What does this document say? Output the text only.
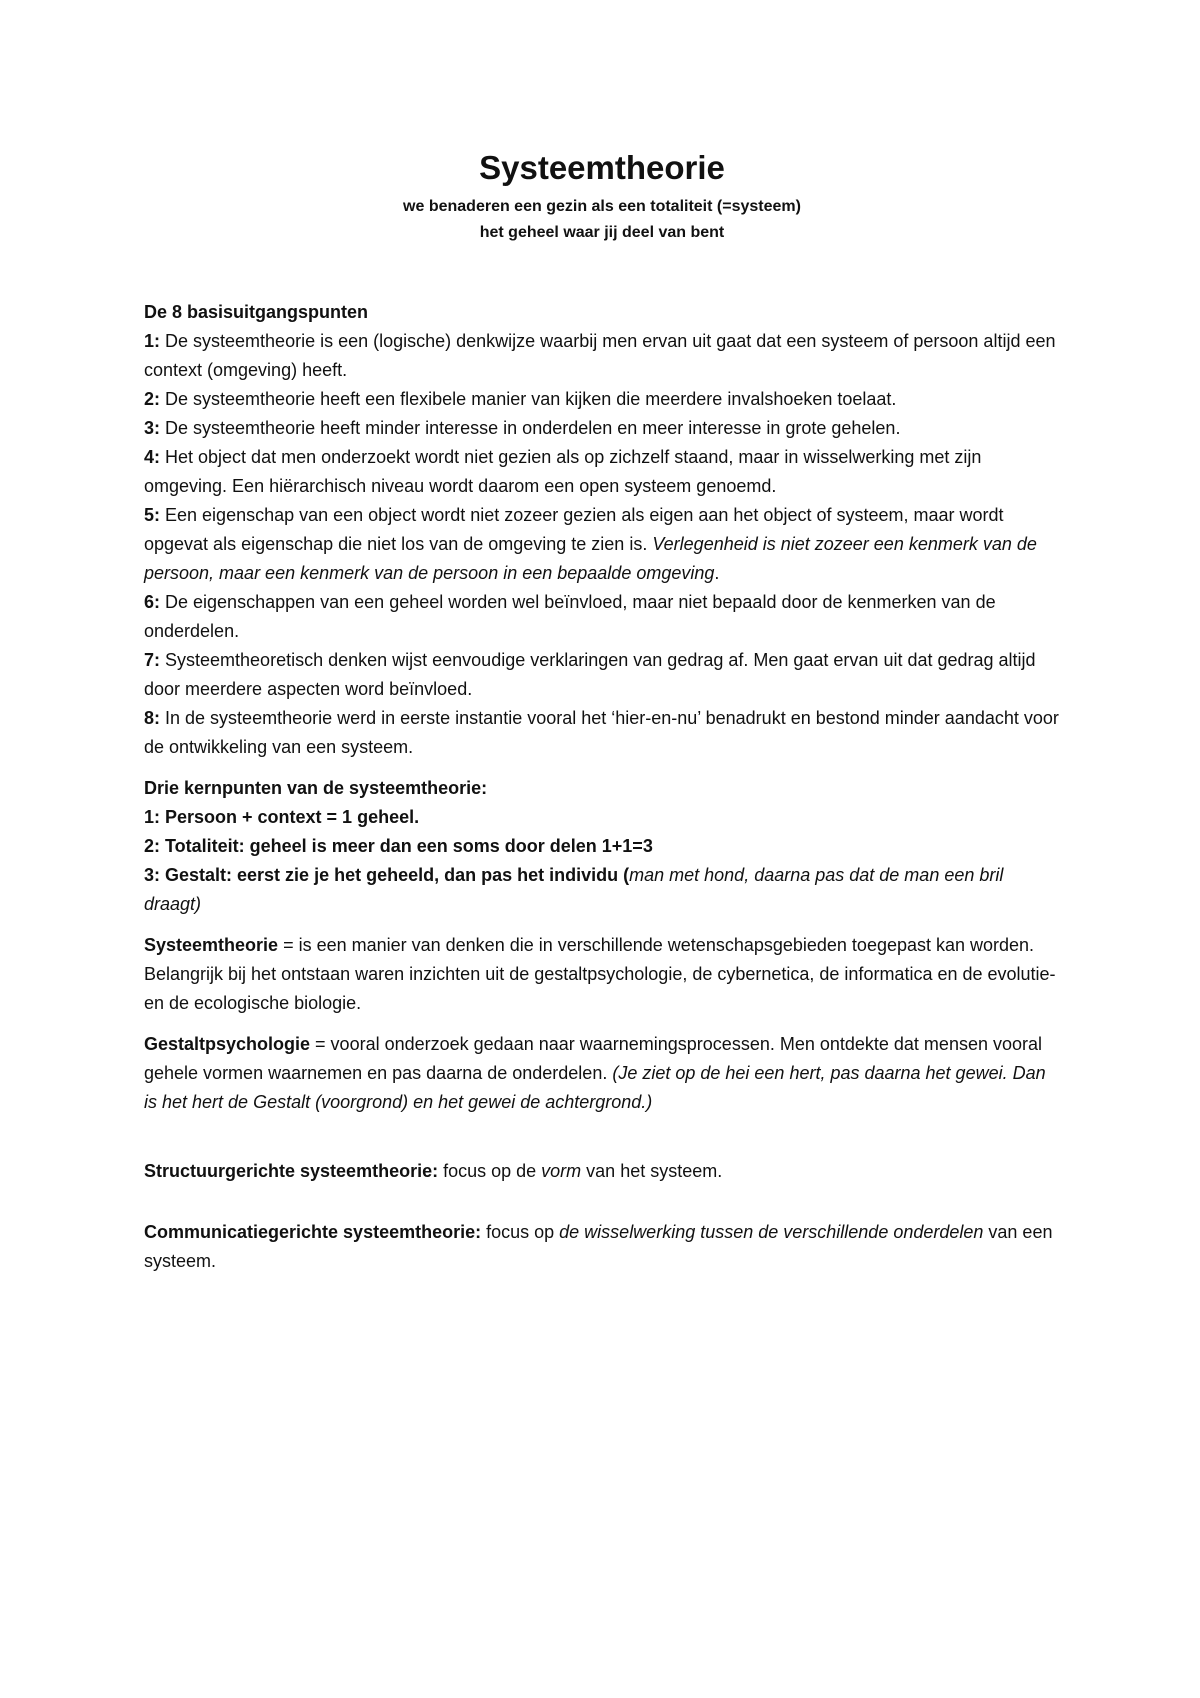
Systeemtheorie

we benaderen een gezin als een totaliteit (=systeem)

het geheel waar jij deel van bent

De 8 basisuitgangspunten

1: De systeemtheorie is een (logische) denkwijze waarbij men ervan uit gaat dat een systeem of persoon altijd een context (omgeving) heeft.

2: De systeemtheorie heeft een flexibele manier van kijken die meerdere invalshoeken toelaat.

3: De systeemtheorie heeft minder interesse in onderdelen en meer interesse in grote gehelen.

4: Het object dat men onderzoekt wordt niet gezien als op zichzelf staand, maar in wisselwerking met zijn omgeving. Een hiërarchisch niveau wordt daarom een open systeem genoemd.

5: Een eigenschap van een object wordt niet zozeer gezien als eigen aan het object of systeem, maar wordt opgevat als eigenschap die niet los van de omgeving te zien is. Verlegenheid is niet zozeer een kenmerk van de persoon, maar een kenmerk van de persoon in een bepaalde omgeving.

6: De eigenschappen van een geheel worden wel beïnvloed, maar niet bepaald door de kenmerken van de onderdelen.

7: Systeemtheoretisch denken wijst eenvoudige verklaringen van gedrag af. Men gaat ervan uit dat gedrag altijd door meerdere aspecten word beïnvloed.

8: In de systeemtheorie werd in eerste instantie vooral het ‘hier-en-nu’ benadrukt en bestond minder aandacht voor de ontwikkeling van een systeem.

Drie kernpunten van de systeemtheorie:

1: Persoon + context = 1 geheel.

2: Totaliteit: geheel is meer dan een soms door delen 1+1=3

3: Gestalt: eerst zie je het geheeld, dan pas het individu (man met hond, daarna pas dat de man een bril draagt)

Systeemtheorie = is een manier van denken die in verschillende wetenschapsgebieden toegepast kan worden. Belangrijk bij het ontstaan waren inzichten uit de gestaltpsychologie, de cybernetica, de informatica en de evolutie- en de ecologische biologie.

Gestaltpsychologie = vooral onderzoek gedaan naar waarnemingsprocessen. Men ontdekte dat mensen vooral gehele vormen waarnemen en pas daarna de onderdelen. (Je ziet op de hei een hert, pas daarna het gewei. Dan is het hert de Gestalt (voorgrond) en het gewei de achtergrond.)

Structuurgerichte systeemtheorie: focus op de vorm van het systeem.

Communicatiegerichte systeemtheorie: focus op de wisselwerking tussen de verschillende onderdelen van een systeem.
